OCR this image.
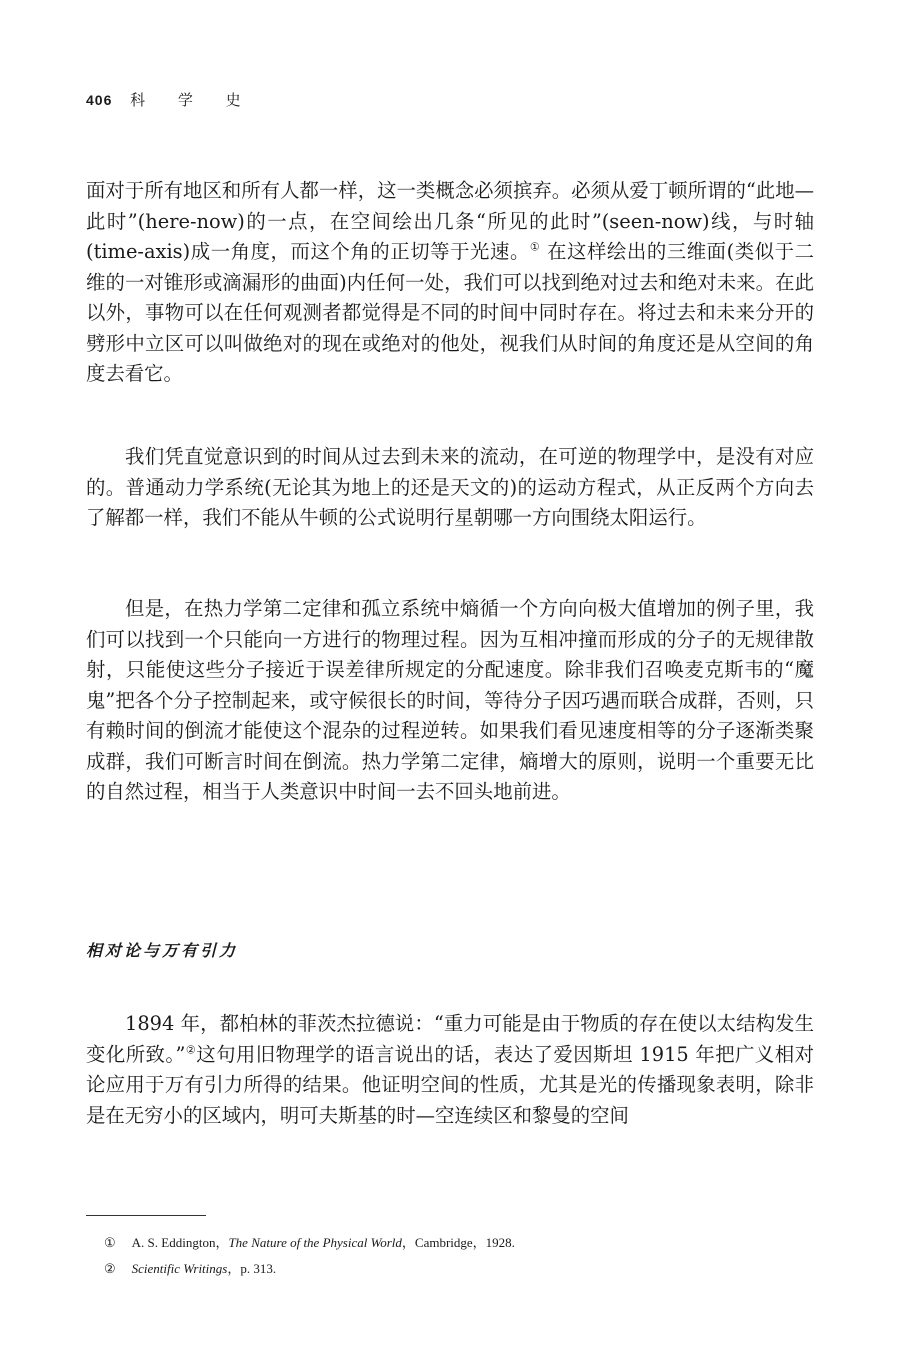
406 科 学 史

面对于所有地区和所有人都一样，这一类概念必须摈弃。必须从爱丁顿所谓的“此地—此时”(here-now)的一点，在空间绘出几条“所见的此时”(seen-now)线，与时轴(time-axis)成一角度，而这个角的正切等于光速。① 在这样绘出的三维面(类似于二维的一对锥形或滴漏形的曲面)内任何一处，我们可以找到绝对过去和绝对未来。在此以外，事物可以在任何观测者都觉得是不同的时间中同时存在。将过去和未来分开的劈形中立区可以叫做绝对的现在或绝对的他处，视我们从时间的角度还是从空间的角度去看它。

我们凭直觉意识到的时间从过去到未来的流动，在可逆的物理学中，是没有对应的。普通动力学系统(无论其为地上的还是天文的)的运动方程式，从正反两个方向去了解都一样，我们不能从牛顿的公式说明行星朝哪一方向围绕太阳运行。

但是，在热力学第二定律和孤立系统中熵循一个方向向极大值增加的例子里，我们可以找到一个只能向一方进行的物理过程。因为互相冲撞而形成的分子的无规律散射，只能使这些分子接近于误差律所规定的分配速度。除非我们召唤麦克斯韦的“魔鬼”把各个分子控制起来，或守候很长的时间，等待分子因巧遇而联合成群，否则，只有赖时间的倒流才能使这个混杂的过程逆转。如果我们看见速度相等的分子逐渐类聚成群，我们可断言时间在倒流。热力学第二定律，熵增大的原则，说明一个重要无比的自然过程，相当于人类意识中时间一去不回头地前进。

相对论与万有引力

1894 年，都柏林的菲茨杰拉德说：“重力可能是由于物质的存在使以太结构发生变化所致。”②这句用旧物理学的语言说出的话，表达了爱因斯坦 1915 年把广义相对论应用于万有引力所得的结果。他证明空间的性质，尤其是光的传播现象表明，除非是在无穷小的区域内，明可夫斯基的时—空连续区和黎曼的空间

① A. S. Eddington，The Nature of the Physical World，Cambridge，1928.
② Scientific Writings，p. 313.
